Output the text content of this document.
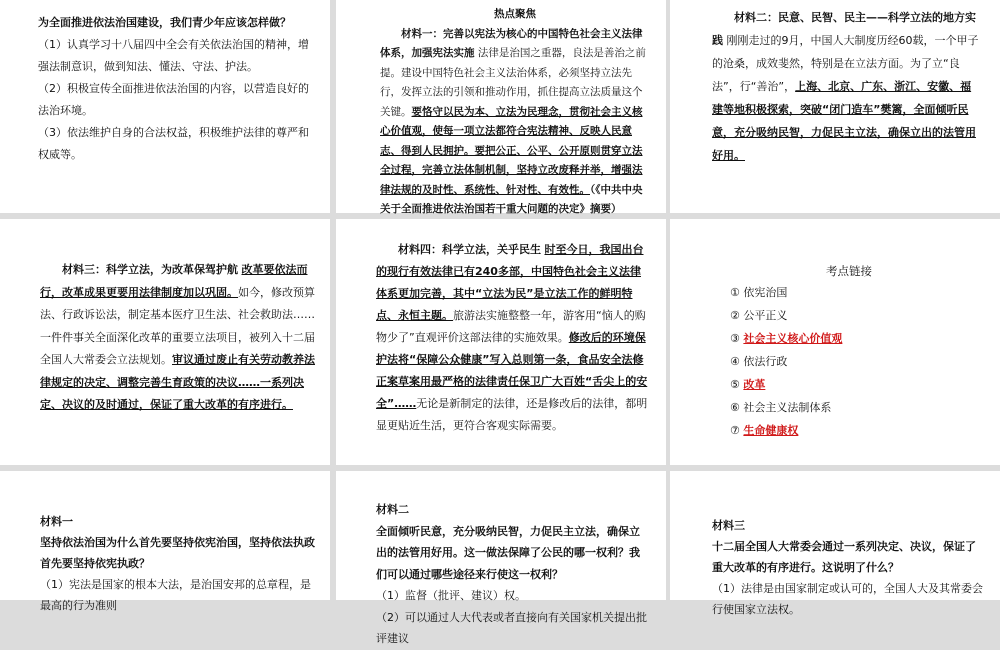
为全面推进依法治国建设，我们青少年应该怎样做？

（1）认真学习十八届四中全会有关依法治国的精神，增强法制意识，做到知法、懂法、守法、护法。

（2）积极宣传全面推进依法治国的内容，以营造良好的法治环境。

（3）依法维护自身的合法权益，积极维护法律的尊严和权威等。

热点聚焦

材料一：完善以宪法为核心的中国特色社会主义法律体系，加强宪法实施 法律是治国之重器，良法是善治之前提。建设中国特色社会主义法治体系，必须坚持立法先行，发挥立法的引领和推动作用，抓住提高立法质量这个关键。要恪守以民为本、立法为民理念，贯彻社会主义核心价值观，使每一项立法都符合宪法精神、反映人民意志、得到人民拥护。要把公正、公平、公开原则贯穿立法全过程，完善立法体制机制，坚持立改废释并举，增强法律法规的及时性、系统性、针对性、有效性。（《中共中央关于全面推进依法治国若干重大问题的决定》摘要）

材料二：民意、民智、民主——科学立法的地方实践 刚刚走过的9月，中国人大制度历经60载，一个甲子的沧桑，成效斐然，特别是在立法方面。为了立“良法”，行“善治”，上海、北京、广东、浙江、安徽、福建等地积极探索，突破“闭门造车”樊篱，全面倾听民意，充分吸纳民智，力促民主立法，确保立出的法管用好用。

材料三：科学立法，为改革保驾护航 改革要依法而行，改革成果更要用法律制度加以巩固。如今，修改预算法、行政诉讼法，制定基本医疗卫生法、社会救助法……一件件事关全面深化改革的重要立法项目，被列入十二届全国人大常委会立法规划。审议通过废止有关劳动教养法律规定的决定、调整完善生育政策的决议……一系列决定、决议的及时通过，保证了重大改革的有序进行。

材料四：科学立法，关乎民生 时至今日，我国出台的现行有效法律已有240多部，中国特色社会主义法律体系更加完善，其中“立法为民”是立法工作的鲜明特点、永恒主题。旅游法实施整整一年，游客用“恼人的购物少了”直观评价这部法律的实施效果。修改后的环境保护法将“保障公众健康”写入总则第一条，食品安全法修正案草案用最严格的法律责任保卫广大百姓“舌尖上的安全”……无论是新制定的法律，还是修改后的法律，都明显更贴近生活，更符合客观实际需要。

考点链接

① 依宪治国
② 公平正义
③ 社会主义核心价值观
④ 依法行政
⑤ 改革
⑥ 社会主义法制体系
⑦ 生命健康权

材料一

坚持依法治国为什么首先要坚持依宪治国，坚持依法执政首先要坚持依宪执政？

（1）宪法是国家的根本大法，是治国安邦的总章程，是最高的行为准则

材料二

全面倾听民意，充分吸纳民智，力促民主立法，确保立出的法管用好用。这一做法保障了公民的哪一权利？我们可以通过哪些途径来行使这一权利？

（1）监督（批评、建议）权。

（2）可以通过人大代表或者直接向有关国家机关提出批评建议

材料三

十二届全国人大常委会通过一系列决定、决议，保证了重大改革的有序进行。这说明了什么？

（1）法律是由国家制定或认可的，全国人大及其常委会行使国家立法权。
